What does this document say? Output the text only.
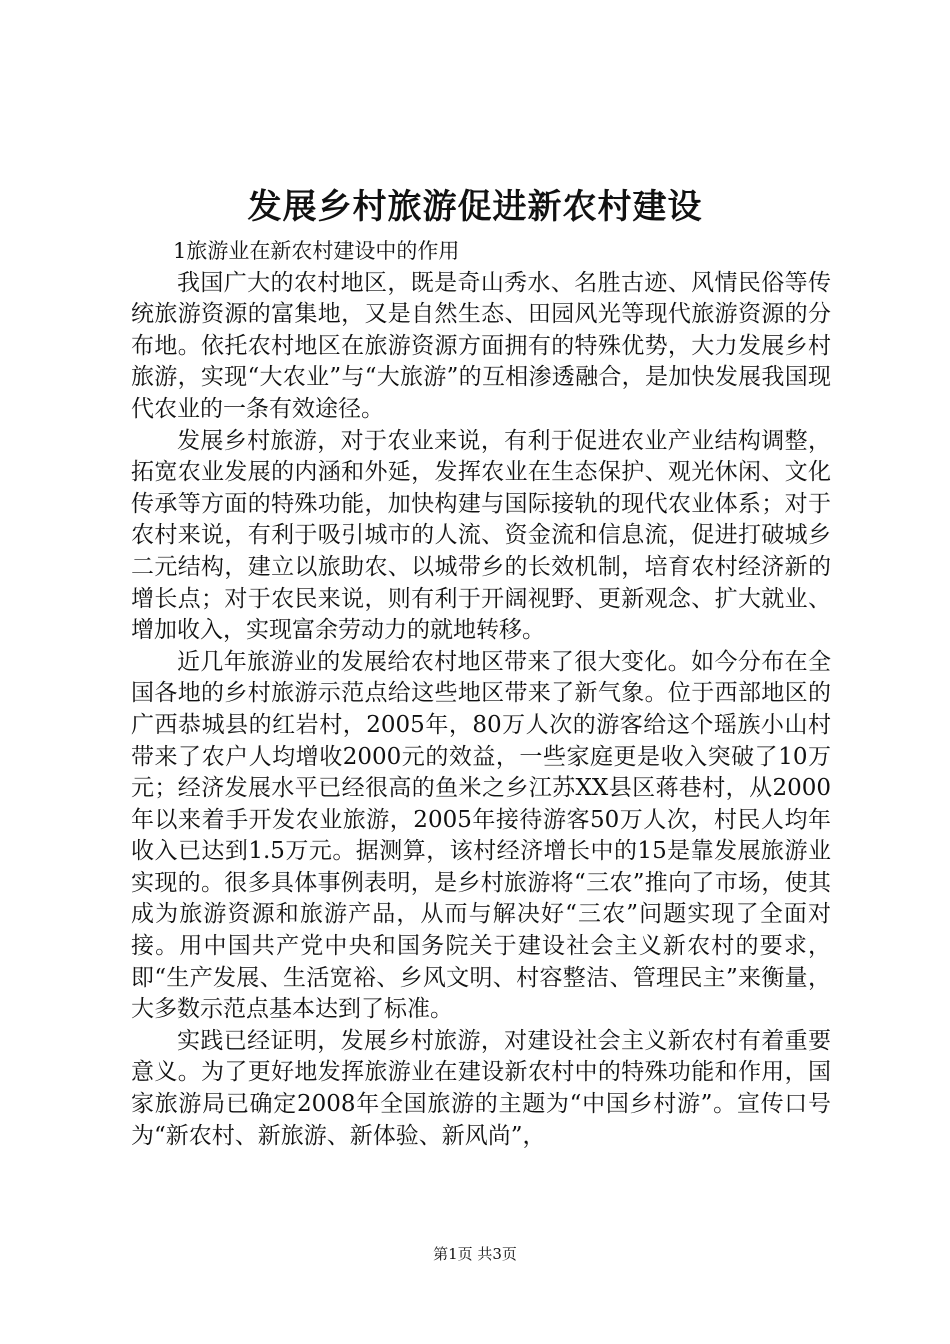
发展乡村旅游促进新农村建设

1旅游业在新农村建设中的作用

我国广大的农村地区，既是奇山秀水、名胜古迹、风情民俗等传统旅游资源的富集地，又是自然生态、田园风光等现代旅游资源的分布地。依托农村地区在旅游资源方面拥有的特殊优势，大力发展乡村旅游，实现“大农业”与“大旅游”的互相渗透融合，是加快发展我国现代农业的一条有效途径。

发展乡村旅游，对于农业来说，有利于促进农业产业结构调整，拓宽农业发展的内涵和外延，发挥农业在生态保护、观光休闲、文化传承等方面的特殊功能，加快构建与国际接轨的现代农业体系；对于农村来说，有利于吸引城市的人流、资金流和信息流，促进打破城乡二元结构，建立以旅助农、以城带乡的长效机制，培育农村经济新的增长点；对于农民来说，则有利于开阔视野、更新观念、扩大就业、增加收入，实现富余劳动力的就地转移。

近几年旅游业的发展给农村地区带来了很大变化。如今分布在全国各地的乡村旅游示范点给这些地区带来了新气象。位于西部地区的广西恭城县的红岩村，2005年，80万人次的游客给这个瑶族小山村带来了农户人均增收2000元的效益，一些家庭更是收入突破了10万元；经济发展水平已经很高的鱼米之乡江苏XX县区蒋巷村，从2000年以来着手开发农业旅游，2005年接待游客50万人次，村民人均年收入已达到1.5万元。据测算，该村经济增长中的15是靠发展旅游业实现的。很多具体事例表明，是乡村旅游将“三农”推向了市场，使其成为旅游资源和旅游产品，从而与解决好“三农”问题实现了全面对接。用中国共产党中央和国务院关于建设社会主义新农村的要求，即“生产发展、生活宽裕、乡风文明、村容整洁、管理民主”来衡量，大多数示范点基本达到了标准。

实践已经证明，发展乡村旅游，对建设社会主义新农村有着重要意义。为了更好地发挥旅游业在建设新农村中的特殊功能和作用，国家旅游局已确定2008年全国旅游的主题为“中国乡村游”。宣传口号为“新农村、新旅游、新体验、新风尚”，

第1页 共3页
